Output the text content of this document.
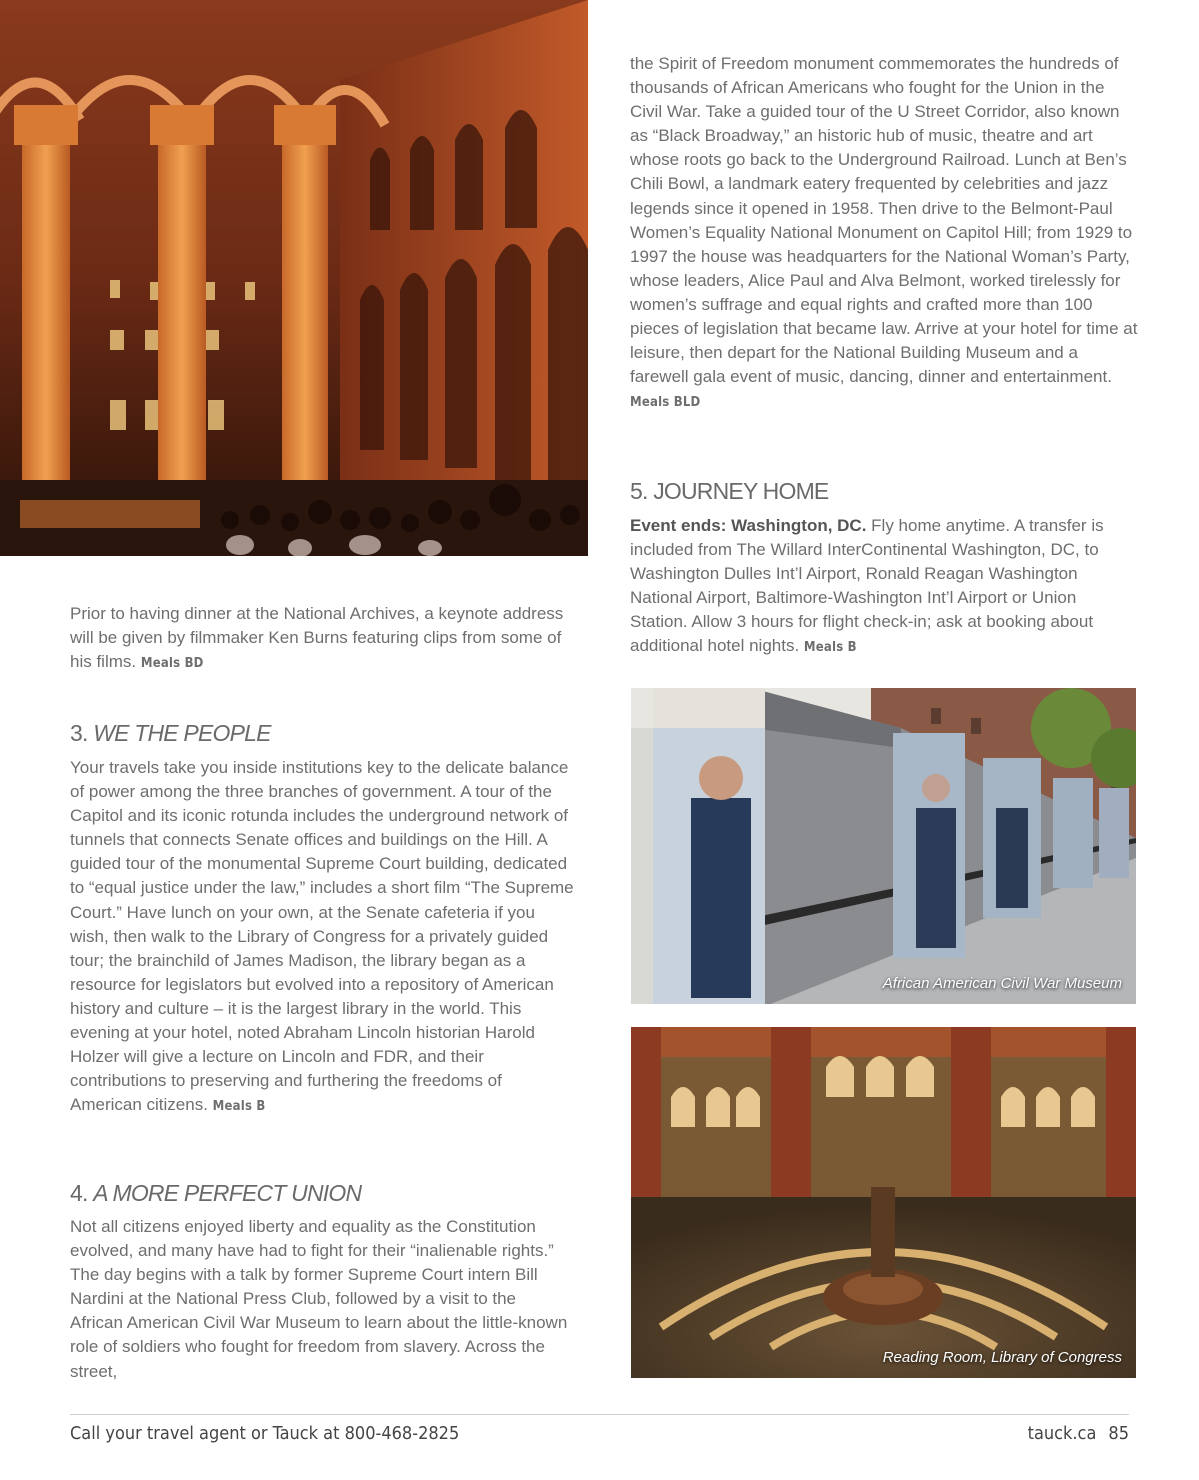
the Spirit of Freedom monument commemorates the hundreds of thousands of African Americans who fought for the Union in the Civil War. Take a guided tour of the U Street Corridor, also known as “Black Broadway,” an historic hub of music, theatre and art whose roots go back to the Underground Railroad. Lunch at Ben’s Chili Bowl, a landmark eatery frequented by celebrities and jazz legends since it opened in 1958. Then drive to the Belmont-Paul Women’s Equality National Monument on Capitol Hill; from 1929 to 1997 the house was headquarters for the National Woman’s Party, whose leaders, Alice Paul and Alva Belmont, worked tirelessly for women’s suffrage and equal rights and crafted more than 100 pieces of legislation that became law. Arrive at your hotel for time at leisure, then depart for the National Building Museum and a farewell gala event of music, dancing, dinner and entertainment. Meals BLD

5. JOURNEY HOME

Event ends: Washington, DC. Fly home anytime. A transfer is included from The Willard InterContinental Washington, DC, to Washington Dulles Int’l Airport, Ronald Reagan Washington National Airport, Baltimore-Washington Int’l Airport or Union Station. Allow 3 hours for flight check-in; ask at booking about additional hotel nights. Meals B

African American Civil War Museum
Reading Room, Library of Congress

Prior to having dinner at the National Archives, a keynote address will be given by filmmaker Ken Burns featuring clips from some of his films. Meals BD

3. WE THE PEOPLE

Your travels take you inside institutions key to the delicate balance of power among the three branches of government. A tour of the Capitol and its iconic rotunda includes the underground network of tunnels that connects Senate offices and buildings on the Hill. A guided tour of the monumental Supreme Court building, dedicated to “equal justice under the law,” includes a short film “The Supreme Court.” Have lunch on your own, at the Senate cafeteria if you wish, then walk to the Library of Congress for a privately guided tour; the brainchild of James Madison, the library began as a resource for legislators but evolved into a repository of American history and culture – it is the largest library in the world. This evening at your hotel, noted Abraham Lincoln historian Harold Holzer will give a lecture on Lincoln and FDR, and their contributions to preserving and furthering the freedoms of American citizens. Meals B

4. A MORE PERFECT UNION

Not all citizens enjoyed liberty and equality as the Constitution evolved, and many have had to fight for their “inalienable rights.” The day begins with a talk by former Supreme Court intern Bill Nardini at the National Press Club, followed by a visit to the African American Civil War Museum to learn about the little-known role of soldiers who fought for freedom from slavery. Across the street,

Call your travel agent or Tauck at 800-468-2825	tauck.ca 85
